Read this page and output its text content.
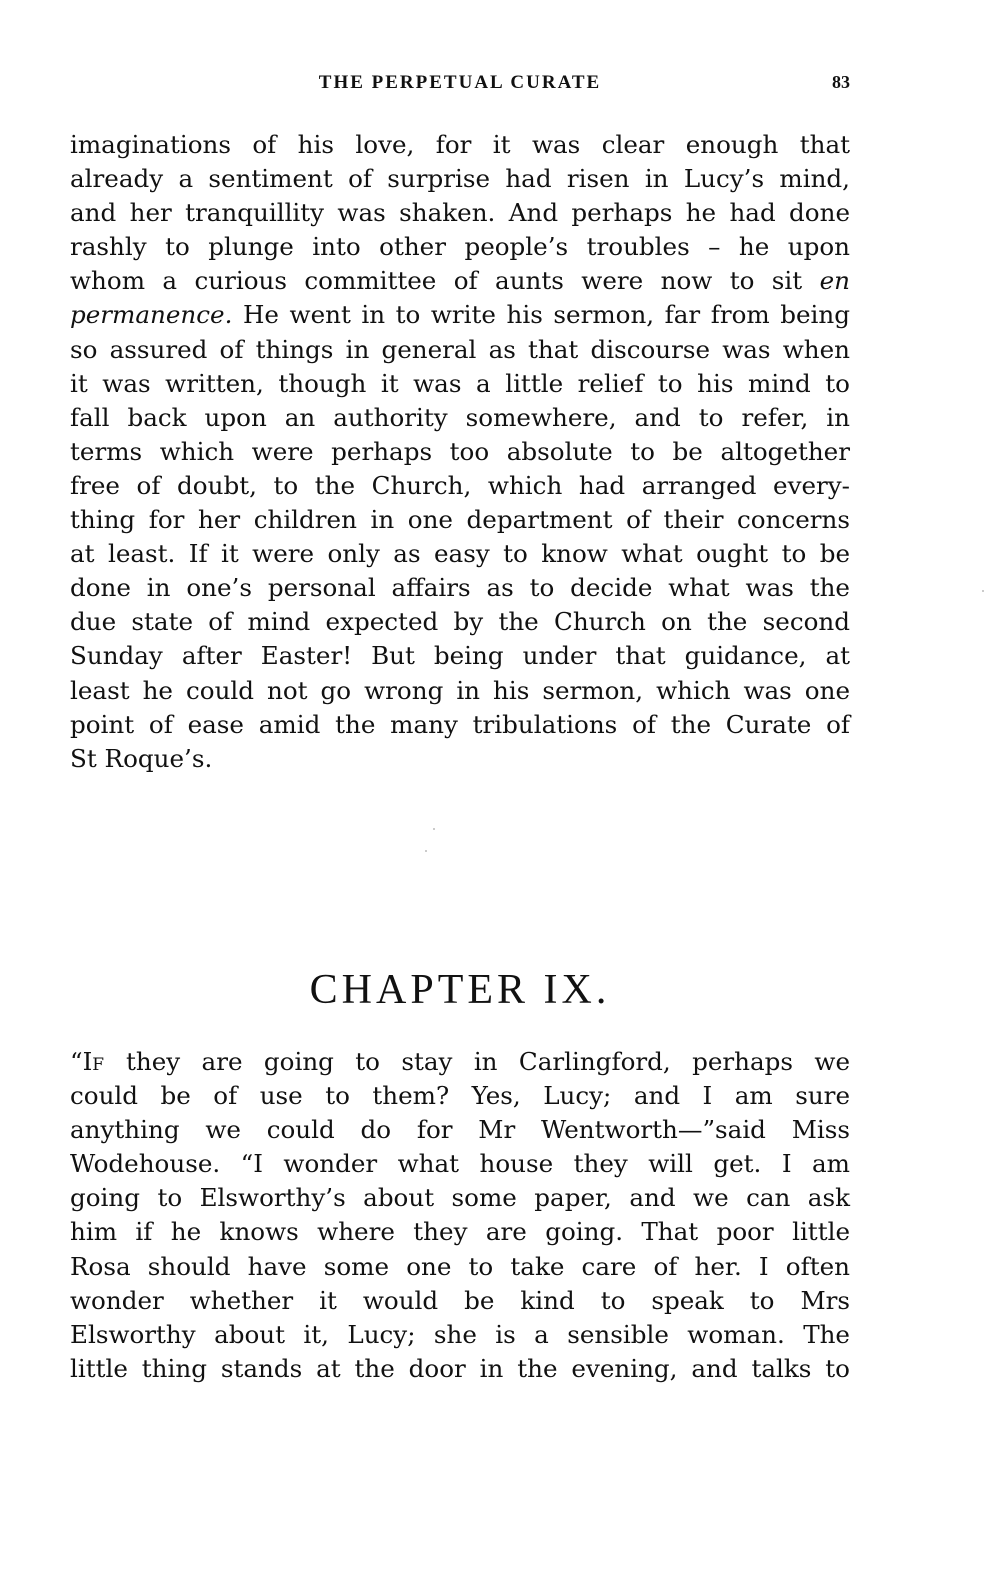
THE PERPETUAL CURATE	83
imaginations of his love, for it was clear enough that
already a sentiment of surprise had risen in Lucy’s mind,
and her tranquillity was shaken. And perhaps he had done
rashly to plunge into other people’s troubles – he upon
whom a curious committee of aunts were now to sit en
permanence. He went in to write his sermon, far from being
so assured of things in general as that discourse was when
it was written, though it was a little relief to his mind to
fall back upon an authority somewhere, and to refer, in
terms which were perhaps too absolute to be altogether
free of doubt, to the Church, which had arranged every-
thing for her children in one department of their concerns
at least. If it were only as easy to know what ought to be
done in one’s personal affairs as to decide what was the
due state of mind expected by the Church on the second
Sunday after Easter! But being under that guidance, at
least he could not go wrong in his sermon, which was one
point of ease amid the many tribulations of the Curate of
St Roque’s.
CHAPTER IX.
“IF they are going to stay in Carlingford, perhaps we
could be of use to them? Yes, Lucy; and I am sure
anything we could do for Mr Wentworth—”said Miss
Wodehouse. “I wonder what house they will get. I am
going to Elsworthy’s about some paper, and we can ask
him if he knows where they are going. That poor little
Rosa should have some one to take care of her. I often
wonder whether it would be kind to speak to Mrs
Elsworthy about it, Lucy; she is a sensible woman. The
little thing stands at the door in the evening, and talks to
